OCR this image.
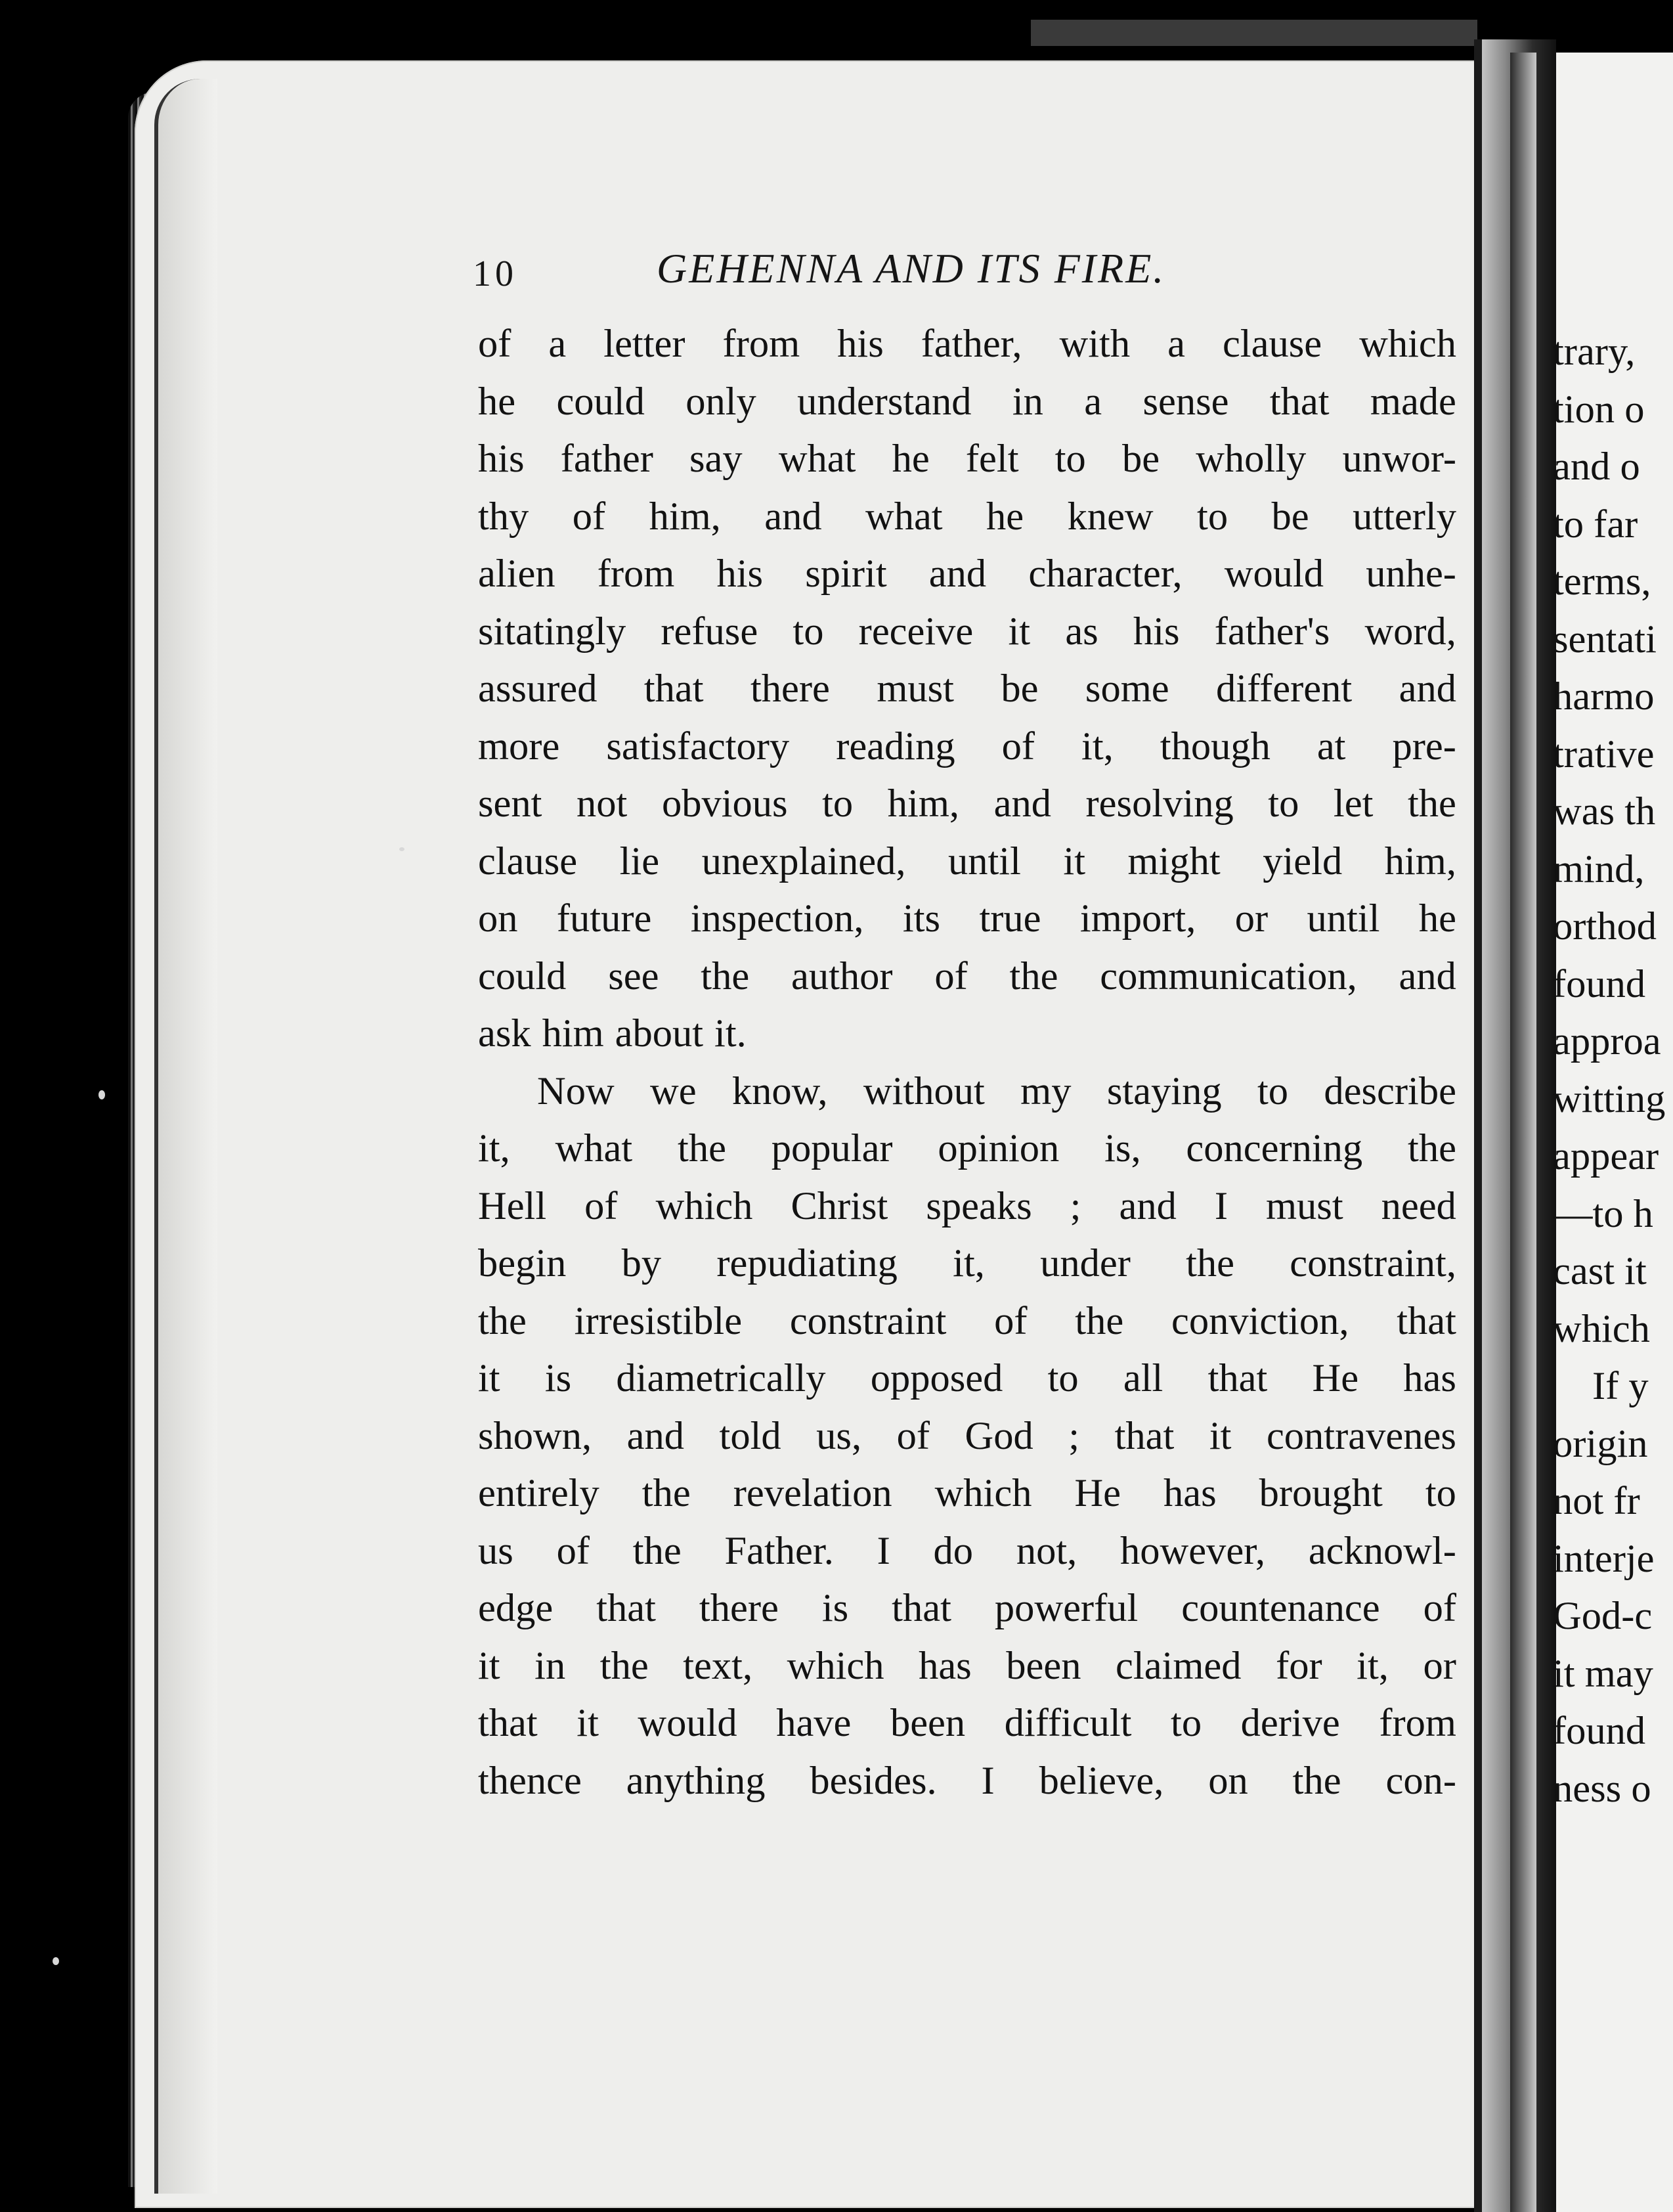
10	GEHENNA AND ITS FIRE.
of a letter from his father, with a clause which
he could only understand in a sense that made
his father say what he felt to be wholly unwor-
thy of him, and what he knew to be utterly
alien from his spirit and character, would unhe-
sitatingly refuse to receive it as his father's word,
assured that there must be some different and
more satisfactory reading of it, though at pre-
sent not obvious to him, and resolving to let the
clause lie unexplained, until it might yield him,
on future inspection, its true import, or until he
could see the author of the communication, and
ask him about it.
Now we know, without my staying to describe
it, what the popular opinion is, concerning the
Hell of which Christ speaks ; and I must need
begin by repudiating it, under the constraint,
the irresistible constraint of the conviction, that
it is diametrically opposed to all that He has
shown, and told us, of God ; that it contravenes
entirely the revelation which He has brought to
us of the Father. I do not, however, acknowl-
edge that there is that powerful countenance of
it in the text, which has been claimed for it, or
that it would have been difficult to derive from
thence anything besides. I believe, on the con-
trary,
tion o
and o
to far
terms,
sentati
harmo
trative
was th
mind,
orthod
found
approa
witting
appear
—to h
cast it
which
If y
origin
not fr
interje
God-c
it may
found
ness o
